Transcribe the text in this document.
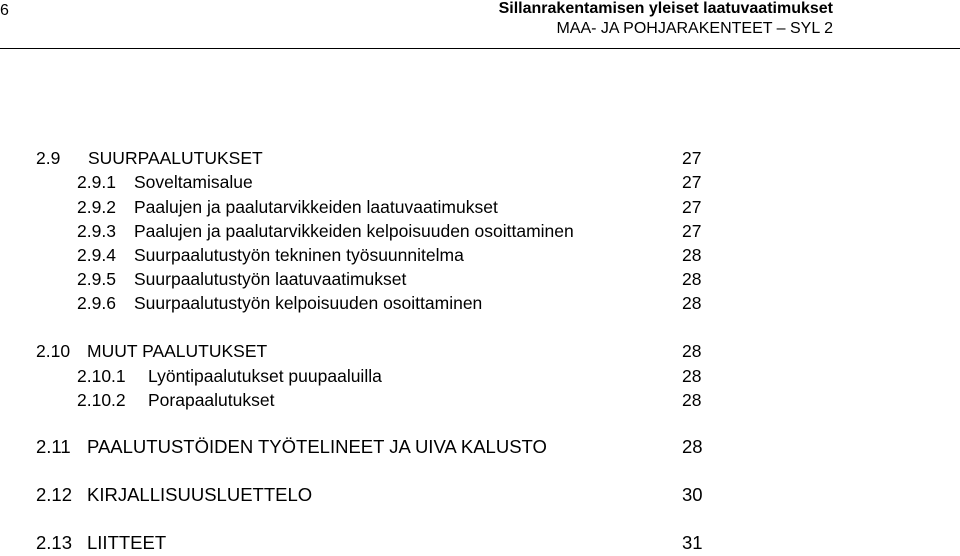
6	Sillanrakentamisen yleiset laatuvaatimukset
MAA- JA POHJARAKENTEET – SYL 2
2.9 SUURPAALUTUKSET	27
2.9.1 Soveltamisalue	27
2.9.2 Paalujen ja paalutarvikkeiden laatuvaatimukset	27
2.9.3 Paalujen ja paalutarvikkeiden kelpoisuuden osoittaminen	27
2.9.4 Suurpaalutustyön tekninen työsuunnitelma	28
2.9.5 Suurpaalutustyön laatuvaatimukset	28
2.9.6 Suurpaalutustyön kelpoisuuden osoittaminen	28
2.10 MUUT PAALUTUKSET	28
2.10.1 Lyöntipaalutukset puupaaluilla	28
2.10.2 Porapaalutukset	28
2.11 PAALUTUSTÖIDEN TYÖTELINEET JA UIVA KALUSTO	28
2.12 KIRJALLISUUSLUETTELO	30
2.13 LIITTEET	31
